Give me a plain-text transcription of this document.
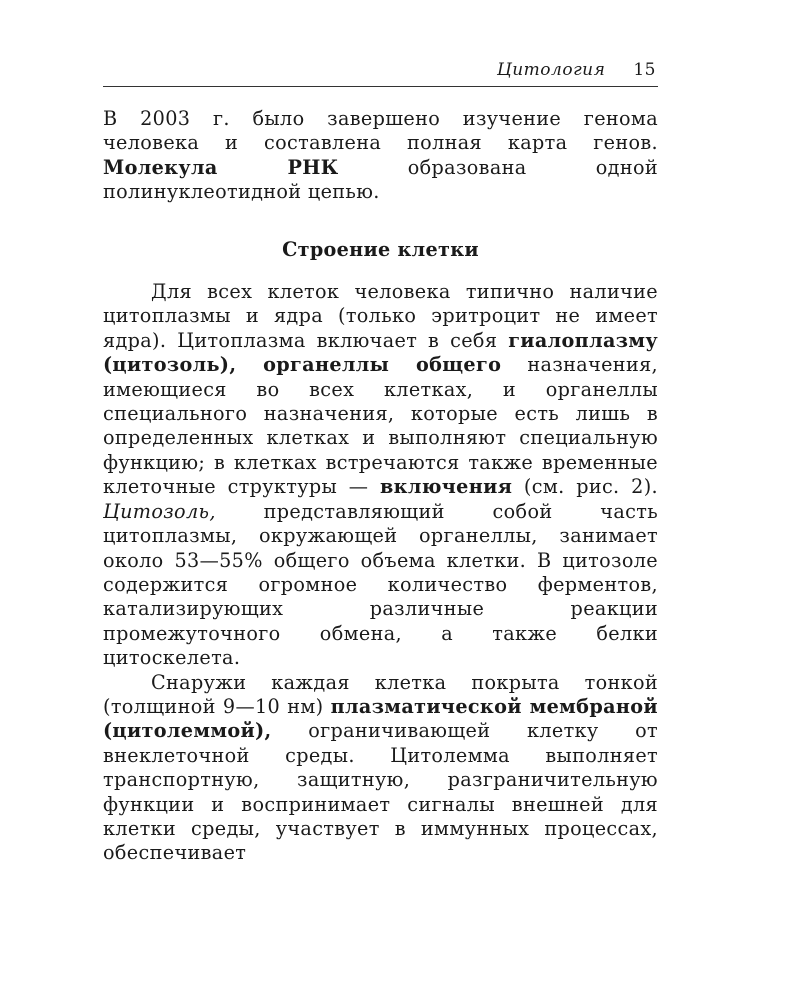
Цитология 15

В 2003 г. было завершено изучение генома человека и составлена полная карта генов. Молекула РНК образована одной полинуклеотидной цепью.

Строение клетки

Для всех клеток человека типично наличие цитоплазмы и ядра (только эритроцит не имеет ядра). Цитоплазма включает в себя гиалоплазму (цитозоль), органеллы общего назначения, имеющиеся во всех клетках, и органеллы специального назначения, которые есть лишь в определенных клетках и выполняют специальную функцию; в клетках встречаются также временные клеточные структуры — включения (см. рис. 2). Цитозоль, представляющий собой часть цитоплазмы, окружающей органеллы, занимает около 53—55% общего объема клетки. В цитозоле содержится огромное количество ферментов, катализирующих различные реакции промежуточного обмена, а также белки цитоскелета.

Снаружи каждая клетка покрыта тонкой (толщиной 9—10 нм) плазматической мембраной (цитолеммой), ограничивающей клетку от внеклеточной среды. Цитолемма выполняет транспортную, защитную, разграничительную функции и воспринимает сигналы внешней для клетки среды, участвует в иммунных процессах, обеспечивает
